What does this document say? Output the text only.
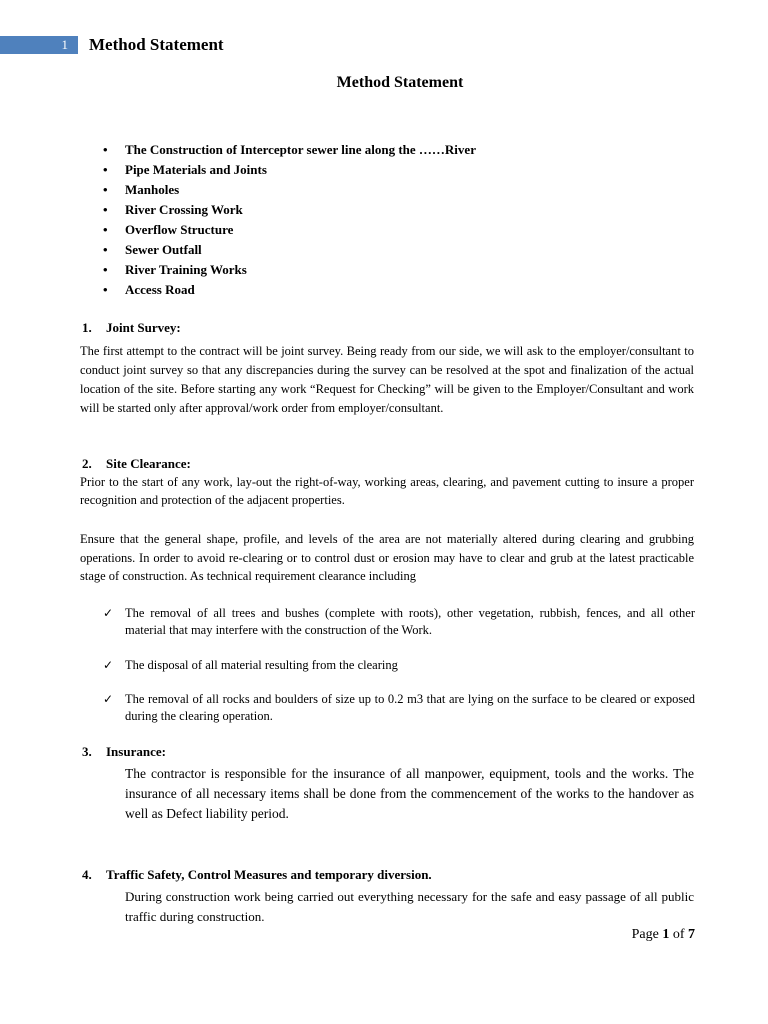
1	Method Statement
Method Statement
• The Construction of Interceptor sewer line along the ……River
• Pipe Materials and Joints
• Manholes
• River Crossing Work
• Overflow Structure
• Sewer Outfall
• River Training Works
• Access Road
1. Joint Survey:
The first attempt to the contract will be joint survey. Being ready from our side, we will ask to the employer/consultant to conduct joint survey so that any discrepancies during the survey can be resolved at the spot and finalization of the actual location of the site. Before starting any work “Request for Checking” will be given to the Employer/Consultant and work will be started only after approval/work order from employer/consultant.
2. Site Clearance:
Prior to the start of any work, lay-out the right-of-way, working areas, clearing, and pavement cutting to insure a proper recognition and protection of the adjacent properties.
Ensure that the general shape, profile, and levels of the area are not materially altered during clearing and grubbing operations. In order to avoid re-clearing or to control dust or erosion may have to clear and grub at the latest practicable stage of construction. As technical requirement clearance including
✓ The removal of all trees and bushes (complete with roots), other vegetation, rubbish, fences, and all other material that may interfere with the construction of the Work.
✓ The disposal of all material resulting from the clearing
✓ The removal of all rocks and boulders of size up to 0.2 m3 that are lying on the surface to be cleared or exposed during the clearing operation.
3. Insurance:
The contractor is responsible for the insurance of all manpower, equipment, tools and the works. The insurance of all necessary items shall be done from the commencement of the works to the handover as well as Defect liability period.
4. Traffic Safety, Control Measures and temporary diversion.
During construction work being carried out everything necessary for the safe and easy passage of all public traffic during construction.
Page 1 of 7
